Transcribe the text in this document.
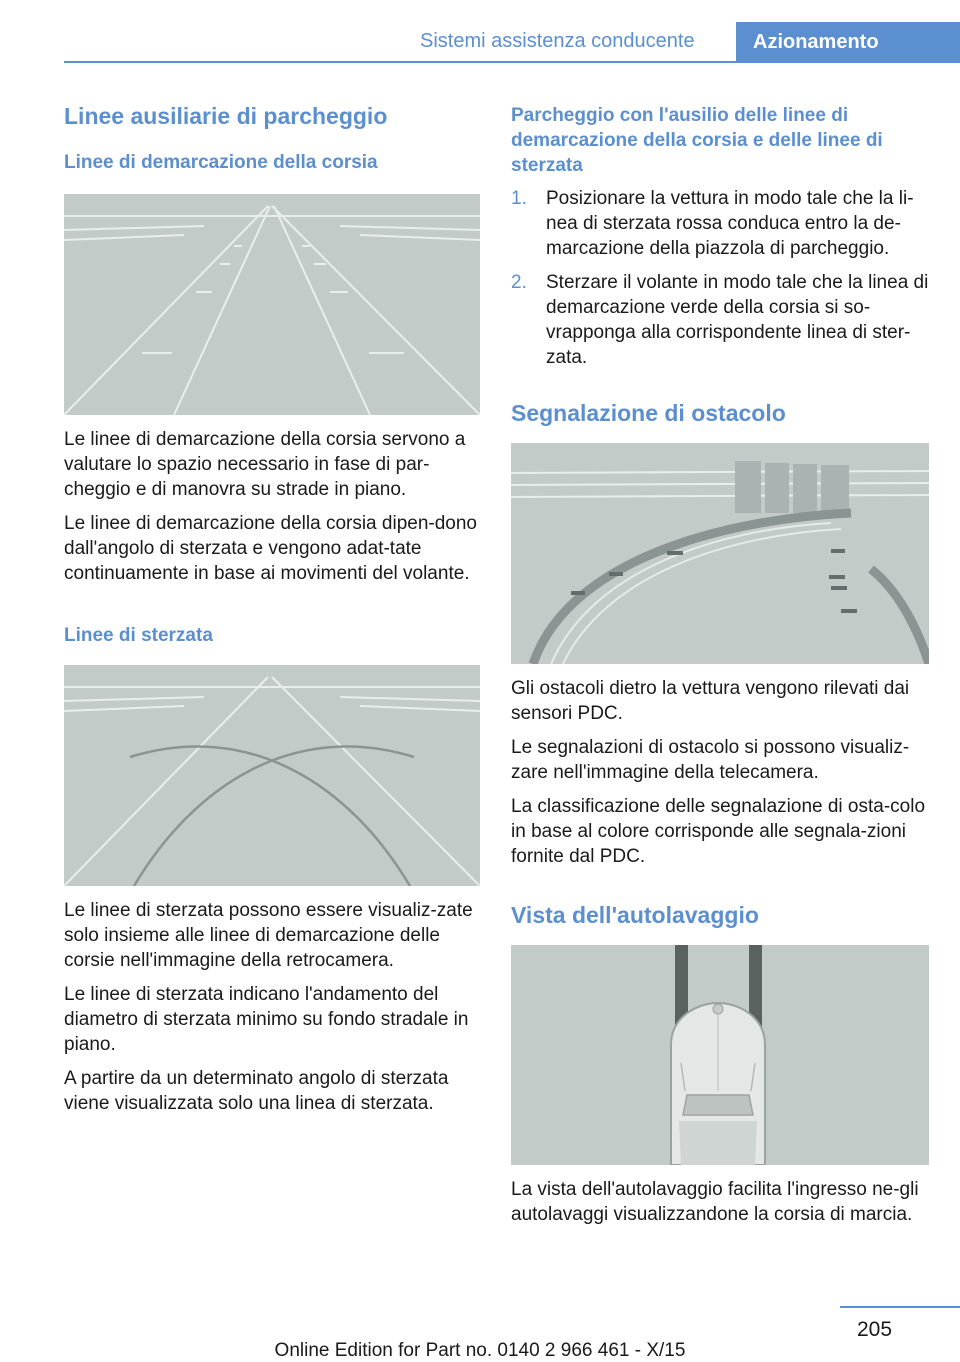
Sistemi assistenza conducente	Azionamento
Linee ausiliarie di parcheggio
Linee di demarcazione della corsia

Le linee di demarcazione della corsia servono a valutare lo spazio necessario in fase di par-cheggio e di manovra su strade in piano.

Le linee di demarcazione della corsia dipen-dono dall'angolo di sterzata e vengono adat-tate continuamente in base ai movimenti del volante.

Linee di sterzata

Le linee di sterzata possono essere visualiz-zate solo insieme alle linee di demarcazione delle corsie nell'immagine della retrocamera.

Le linee di sterzata indicano l'andamento del diametro di sterzata minimo su fondo stradale in piano.

A partire da un determinato angolo di sterzata viene visualizzata solo una linea di sterzata.

Parcheggio con l'ausilio delle linee di demarcazione della corsia e delle linee di sterzata
1. Posizionare la vettura in modo tale che la li-nea di sterzata rossa conduca entro la de-marcazione della piazzola di parcheggio.
2. Sterzare il volante in modo tale che la linea di demarcazione verde della corsia si so-vrapponga alla corrispondente linea di ster-zata.
Segnalazione di ostacolo

Gli ostacoli dietro la vettura vengono rilevati dai sensori PDC.

Le segnalazioni di ostacolo si possono visualiz-zare nell'immagine della telecamera.

La classificazione delle segnalazione di osta-colo in base al colore corrisponde alle segnala-zioni fornite dal PDC.

Vista dell'autolavaggio

La vista dell'autolavaggio facilita l'ingresso ne-gli autolavaggi visualizzandone la corsia di marcia.

205
Online Edition for Part no. 0140 2 966 461 - X/15
